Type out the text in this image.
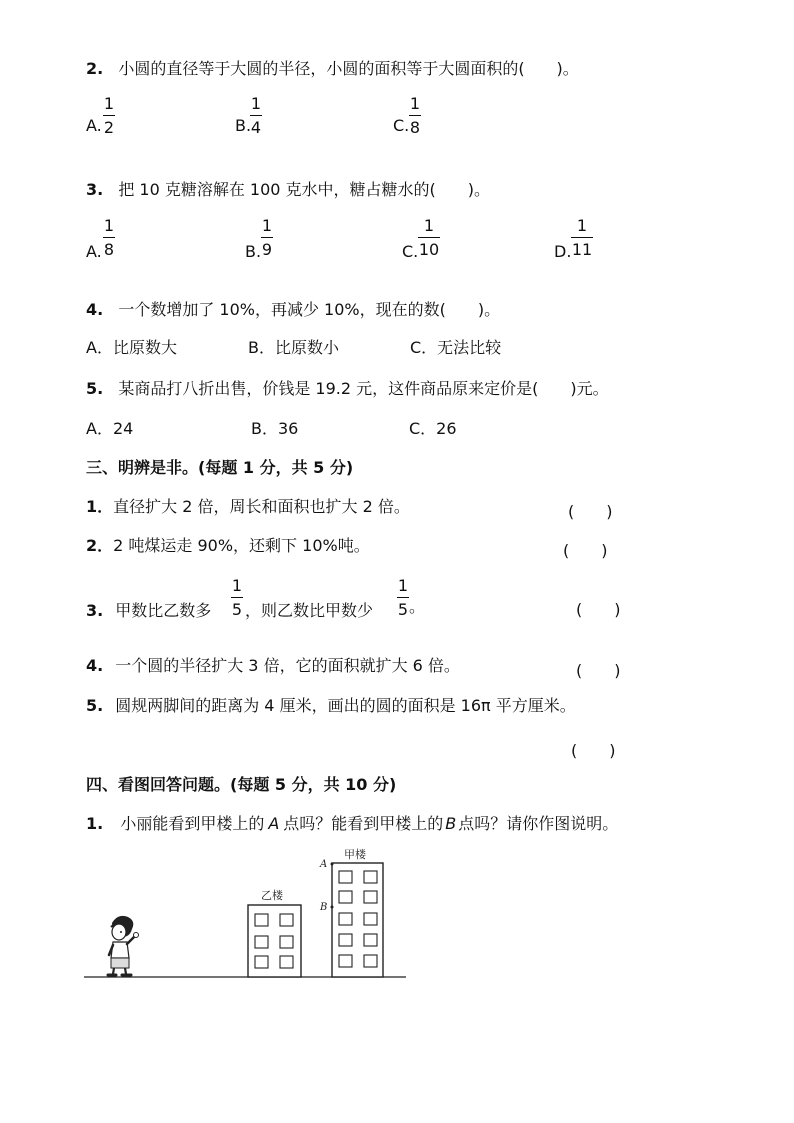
2. 小圆的直径等于大圆的半径，小圆的面积等于大圆面积的(　　)。
A.
1
2	B.
1
4	C.
1
8
3. 把 10 克糖溶解在 100 克水中，糖占糖水的(　　)。
A.
1
8	B.
1
9	C.
1
10	D.
1
11
4. 一个数增加了 10%，再减少 10%，现在的数(　　)。
A．比原数大	B．比原数小	C．无法比较
5. 某商品打八折出售，价钱是 19.2 元，这件商品原来定价是(　　)元。
A．24	B．36	C．26
三、明辨是非。(每题 1 分，共 5 分)
1．直径扩大 2 倍，周长和面积也扩大 2 倍。	(　　)
2．2 吨煤运走 90%，还剩下 10%吨。	(　　)
3. 甲数比乙数多
1
5 ，则乙数比甲数少
1
5 。	(　　)
4. 一个圆的半径扩大 3 倍，它的面积就扩大 6 倍。	(　　)
5. 圆规两脚间的距离为 4 厘米，画出的圆的面积是 16π 平方厘米。
(　　)
四、看图回答问题。(每题 5 分，共 10 分)
1. 小丽能看到甲楼上的 A 点吗？能看到甲楼上的 B 点吗？请你作图说明。
乙楼
甲楼
A
B
